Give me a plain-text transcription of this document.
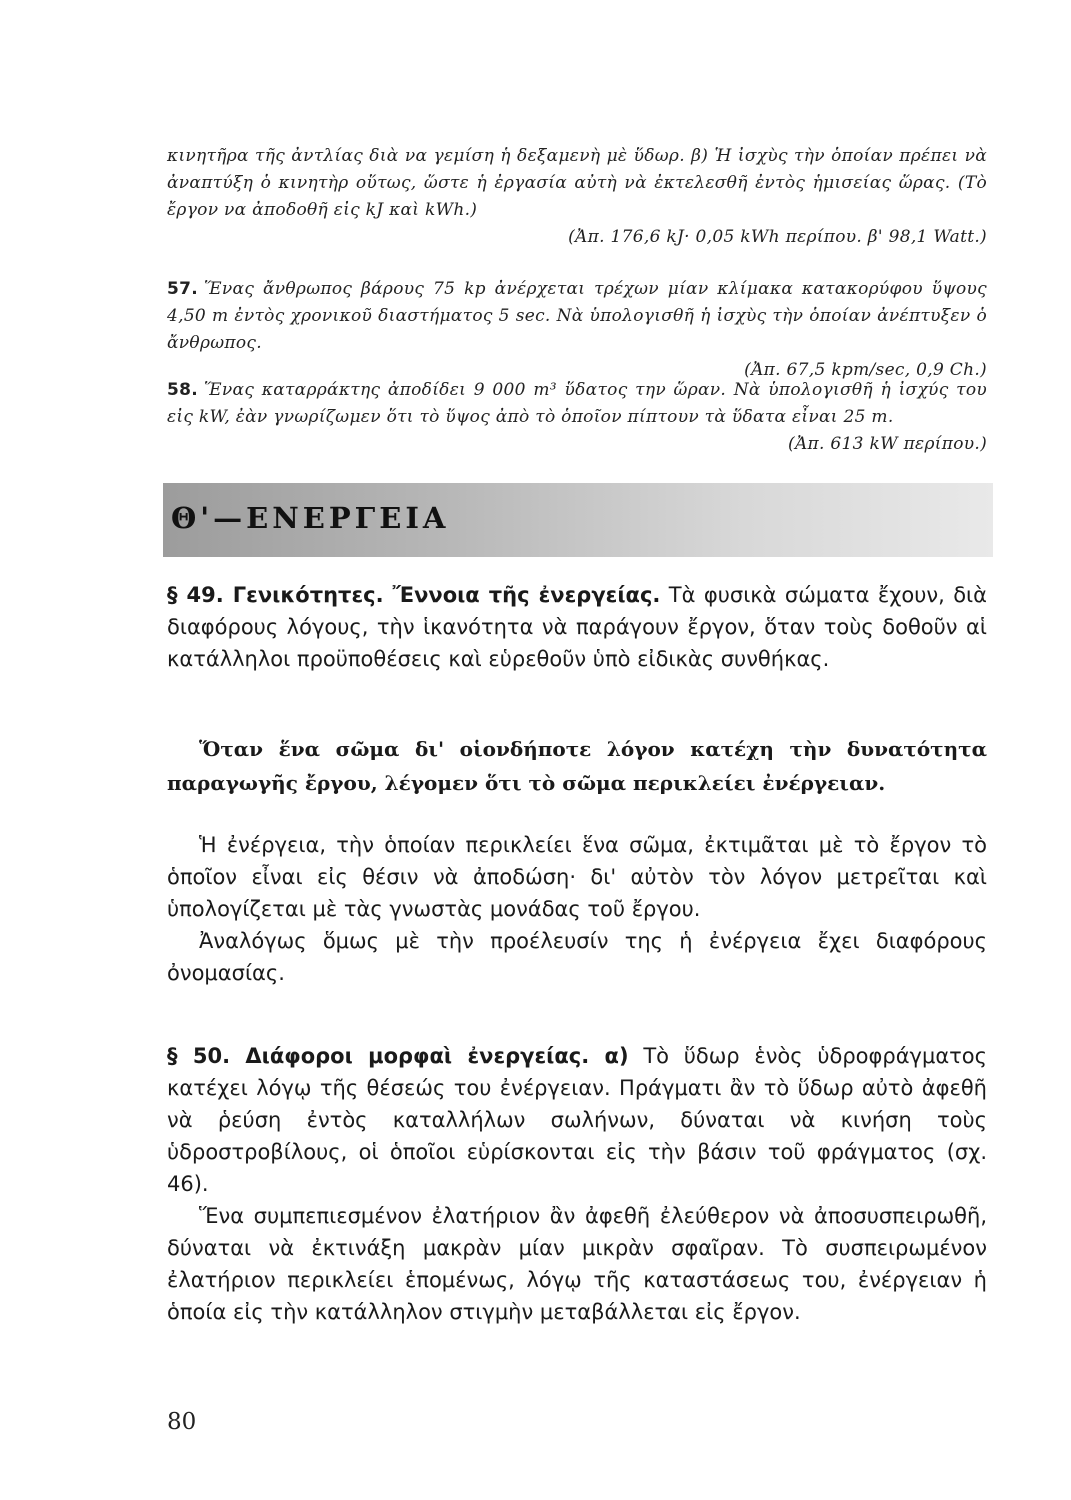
κινητῆρα τῆς ἀντλίας διὰ να γεμίση ἡ δεξαμενὴ μὲ ὕδωρ. β) Ἡ ἰσχὺς τὴν ὁποίαν πρέπει νὰ ἀναπτύξη ὁ κινητὴρ οὕτως, ὥστε ἡ ἐργασία αὐτὴ νὰ ἐκτελεσθῆ ἐντὸς ἡμισείας ὥρας. (Τὸ ἔργον να ἀποδοθῆ εἰς kJ καὶ kWh.)

(Ἀπ. 176,6 kJ· 0,05 kWh περίπου. β' 98,1 Watt.)

57. Ἕνας ἄνθρωπος βάρους 75 kp ἀνέρχεται τρέχων μίαν κλίμακα κατακορύφου ὕψους 4,50 m ἐντὸς χρονικοῦ διαστήματος 5 sec. Νὰ ὑπολογισθῆ ἡ ἰσχὺς τὴν ὁποίαν ἀνέπτυξεν ὁ ἄνθρωπος.

(Ἀπ. 67,5 kpm/sec, 0,9 Ch.)

58. Ἕνας καταρράκτης ἀποδίδει 9 000 m³ ὕδατος την ὥραν. Νὰ ὑπολογισθῆ ἡ ἰσχύς του εἰς kW, ἐὰν γνωρίζωμεν ὅτι τὸ ὕψος ἀπὸ τὸ ὁποῖον πίπτουν τὰ ὕδατα εἶναι 25 m.

(Ἀπ. 613 kW περίπου.)
Θ'—ΕΝΕΡΓΕΙΑ

§ 49. Γενικότητες. Ἔννοια τῆς ἐνεργείας. Τὰ φυσικὰ σώματα ἔχουν, διὰ διαφόρους λόγους, τὴν ἱκανότητα νὰ παράγουν ἔργον, ὅταν τοὺς δοθοῦν αἱ κατάλληλοι προϋποθέσεις καὶ εὑρεθοῦν ὑπὸ εἰδικὰς συνθήκας.

Ὅταν ἕνα σῶμα δι' οἱονδήποτε λόγον κατέχη τὴν δυνατότητα παραγωγῆς ἔργου, λέγομεν ὅτι τὸ σῶμα περικλείει ἐνέργειαν.

Ἡ ἐνέργεια, τὴν ὁποίαν περικλείει ἕνα σῶμα, ἐκτιμᾶται μὲ τὸ ἔργον τὸ ὁποῖον εἶναι εἰς θέσιν νὰ ἀποδώση· δι' αὐτὸν τὸν λόγον μετρεῖται καὶ ὑπολογίζεται μὲ τὰς γνωστὰς μονάδας τοῦ ἔργου.

Ἀναλόγως ὅμως μὲ τὴν προέλευσίν της ἡ ἐνέργεια ἔχει διαφόρους ὀνομασίας.

§ 50. Διάφοροι μορφαὶ ἐνεργείας. α) Τὸ ὕδωρ ἑνὸς ὑδροφράγματος κατέχει λόγῳ τῆς θέσεώς του ἐνέργειαν. Πράγματι ἂν τὸ ὕδωρ αὐτὸ ἀφεθῆ νὰ ῥεύση ἐντὸς καταλλήλων σωλήνων, δύναται νὰ κινήση τοὺς ὑδροστροβίλους, οἱ ὁποῖοι εὑρίσκονται εἰς τὴν βάσιν τοῦ φράγματος (σχ. 46).

Ἕνα συμπεπιεσμένον ἐλατήριον ἂν ἀφεθῆ ἐλεύθερον νὰ ἀποσυσπειρωθῆ, δύναται νὰ ἐκτινάξη μακρὰν μίαν μικρὰν σφαῖραν. Τὸ συσπειρωμένον ἐλατήριον περικλείει ἑπομένως, λόγῳ τῆς καταστάσεως του, ἐνέργειαν ἡ ὁποία εἰς τὴν κατάλληλον στιγμὴν μεταβάλλεται εἰς ἔργον.

80
